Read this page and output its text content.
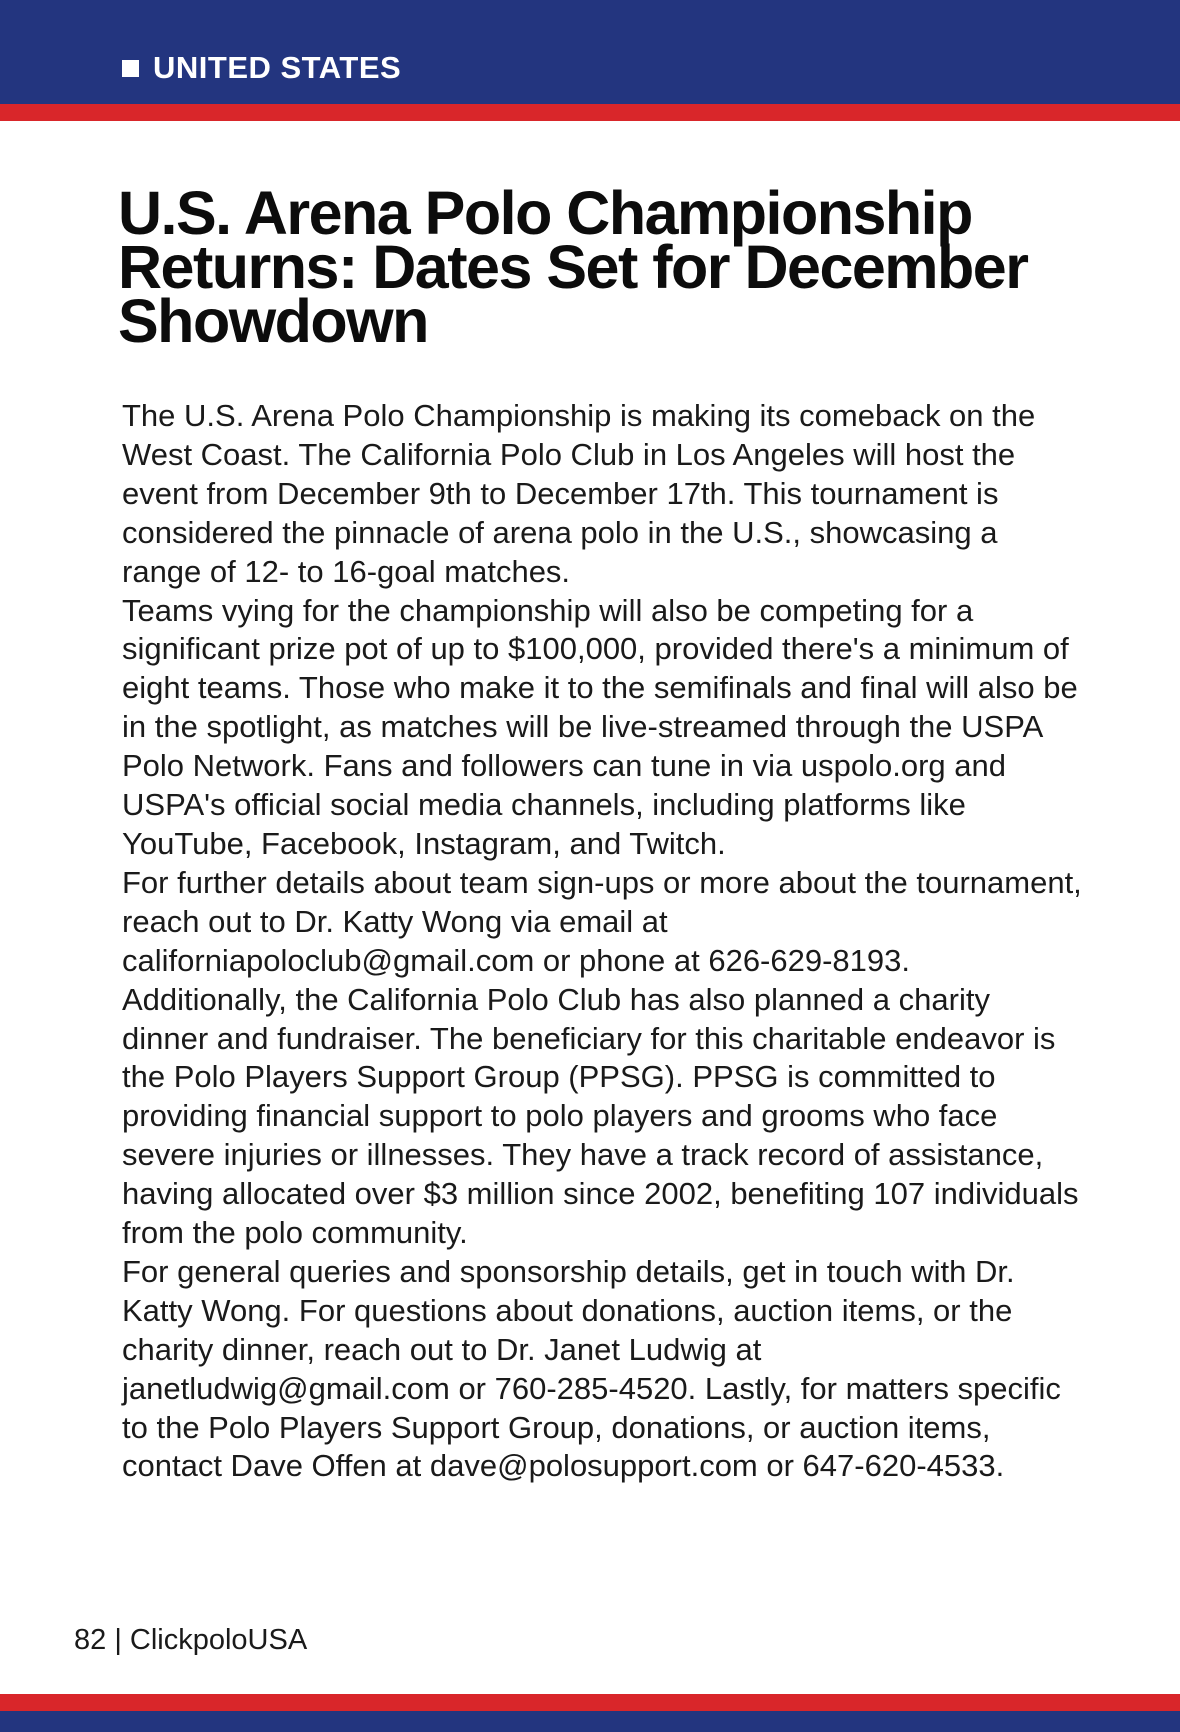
UNITED STATES
U.S. Arena Polo Championship Returns: Dates Set for December Showdown

The U.S. Arena Polo Championship is making its comeback on the West Coast. The California Polo Club in Los Angeles will host the event from December 9th to December 17th. This tournament is considered the pinnacle of arena polo in the U.S., showcasing a range of 12- to 16-goal matches.

Teams vying for the championship will also be competing for a significant prize pot of up to $100,000, provided there's a minimum of eight teams. Those who make it to the semifinals and final will also be in the spotlight, as matches will be live-streamed through the USPA Polo Network. Fans and followers can tune in via uspolo.org and USPA's official social media channels, including platforms like YouTube, Facebook, Instagram, and Twitch.

For further details about team sign-ups or more about the tournament, reach out to Dr. Katty Wong via email at californiapoloclub@gmail.com or phone at 626-629-8193.

Additionally, the California Polo Club has also planned a charity dinner and fundraiser. The beneficiary for this charitable endeavor is the Polo Players Support Group (PPSG). PPSG is committed to providing financial support to polo players and grooms who face severe injuries or illnesses. They have a track record of assistance, having allocated over $3 million since 2002, benefiting 107 individuals from the polo community.

For general queries and sponsorship details, get in touch with Dr. Katty Wong. For questions about donations, auction items, or the charity dinner, reach out to Dr. Janet Ludwig at janetludwig@gmail.com or 760-285-4520. Lastly, for matters specific to the Polo Players Support Group, donations, or auction items, contact Dave Offen at dave@polosupport.com or 647-620-4533.

82 | ClickpoloUSA
